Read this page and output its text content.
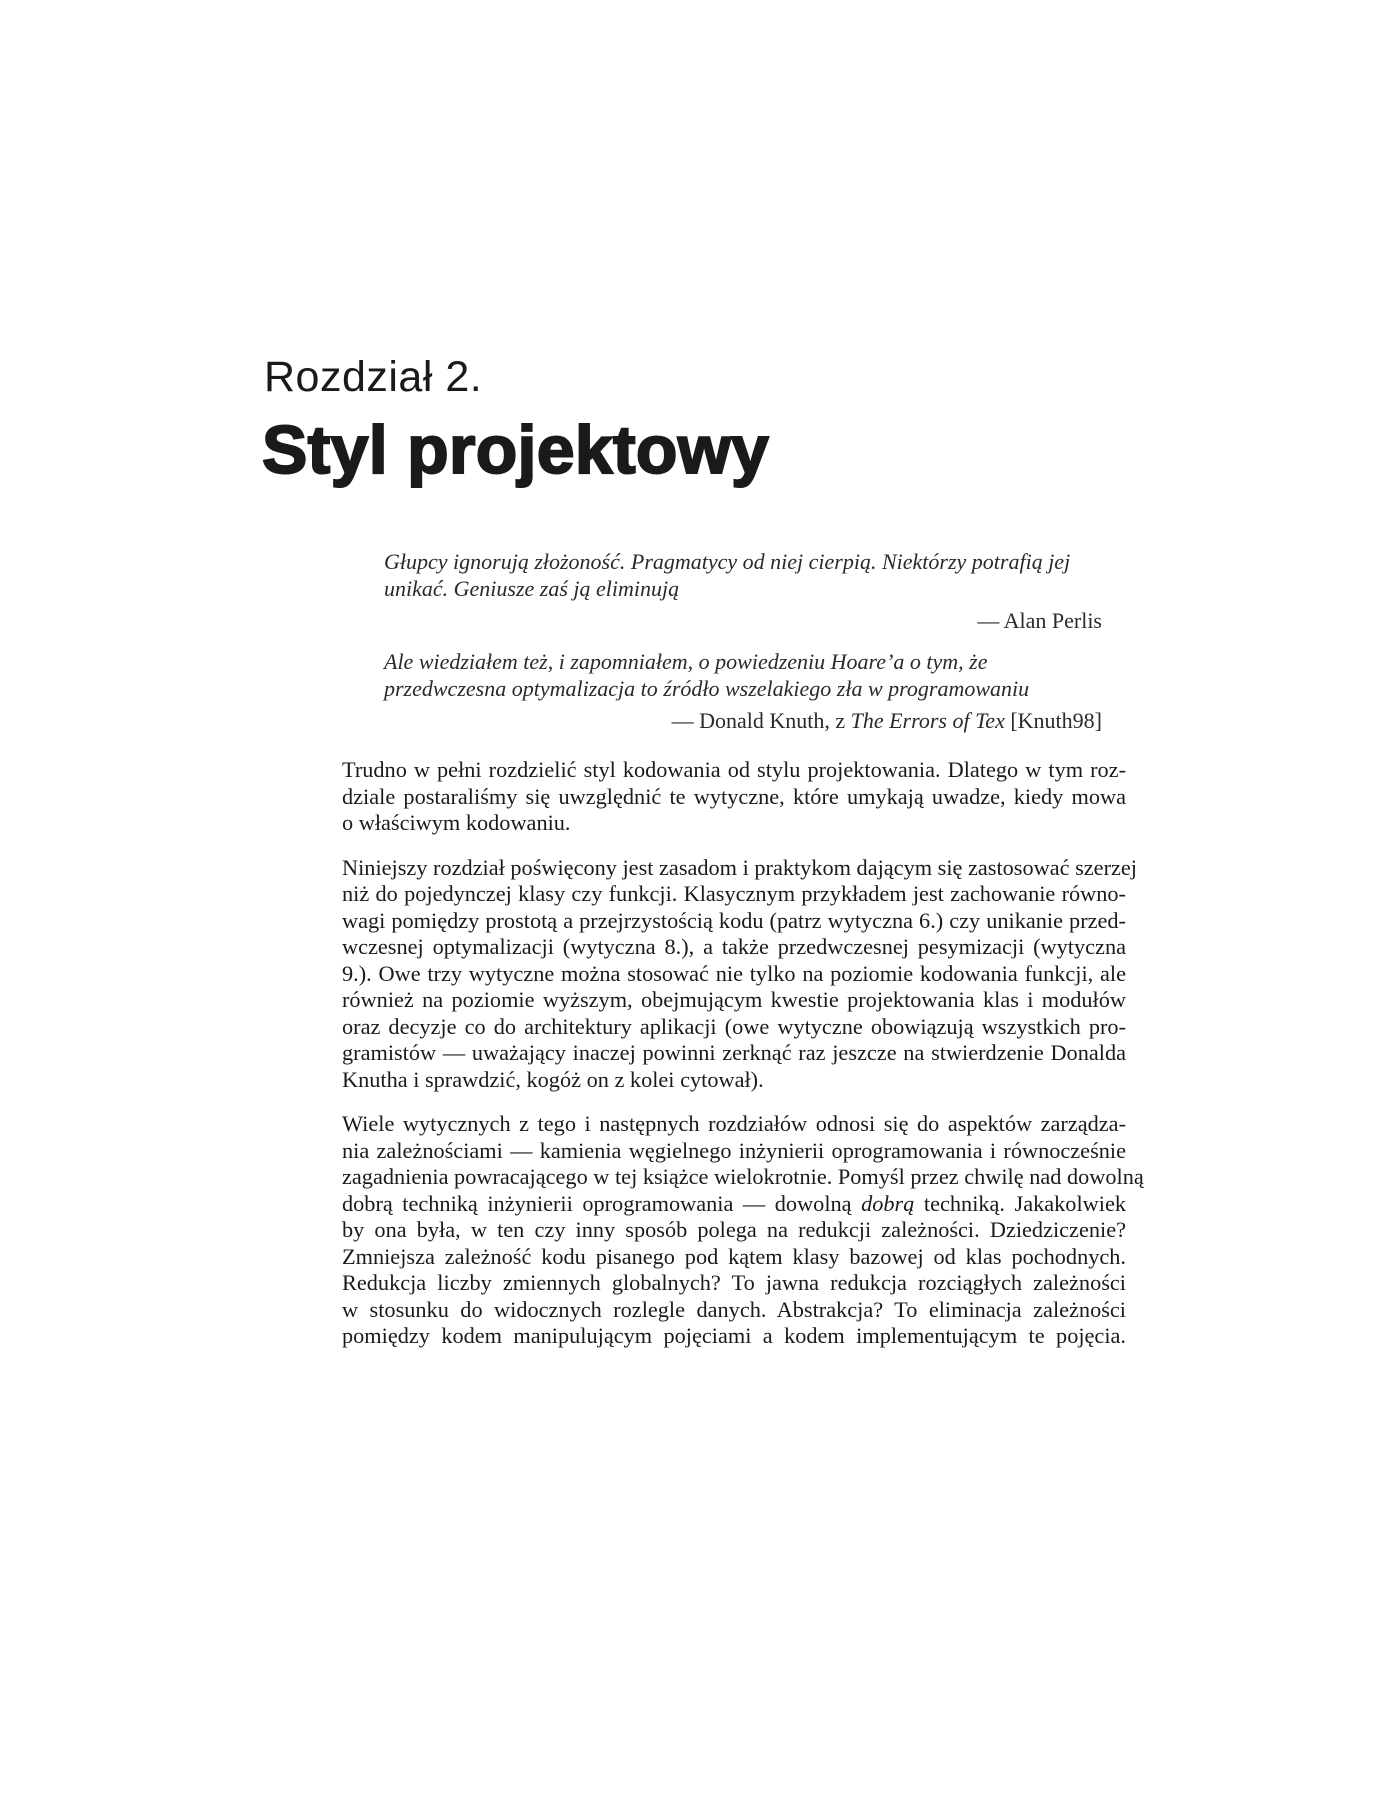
Rozdział 2.
Styl projektowy

Głupcy ignorują złożoność. Pragmatycy od niej cierpią. Niektórzy potrafią jej unikać. Geniusze zaś ją eliminują

— Alan Perlis

Ale wiedziałem też, i zapomniałem, o powiedzeniu Hoare’a o tym, że przedwczesna optymalizacja to źródło wszelakiego zła w programowaniu

— Donald Knuth, z The Errors of Tex [Knuth98]

Trudno w pełni rozdzielić styl kodowania od stylu projektowania. Dlatego w tym roz-
dziale postaraliśmy się uwzględnić te wytyczne, które umykają uwadze, kiedy mowa
o właściwym kodowaniu.

Niniejszy rozdział poświęcony jest zasadom i praktykom dającym się zastosować szerzej
niż do pojedynczej klasy czy funkcji. Klasycznym przykładem jest zachowanie równo-
wagi pomiędzy prostotą a przejrzystością kodu (patrz wytyczna 6.) czy unikanie przed-
wczesnej optymalizacji (wytyczna 8.), a także przedwczesnej pesymizacji (wytyczna
9.). Owe trzy wytyczne można stosować nie tylko na poziomie kodowania funkcji, ale
również na poziomie wyższym, obejmującym kwestie projektowania klas i modułów
oraz decyzje co do architektury aplikacji (owe wytyczne obowiązują wszystkich pro-
gramistów — uważający inaczej powinni zerknąć raz jeszcze na stwierdzenie Donalda
Knutha i sprawdzić, kogóż on z kolei cytował).

Wiele wytycznych z tego i następnych rozdziałów odnosi się do aspektów zarządza-
nia zależnościami — kamienia węgielnego inżynierii oprogramowania i równocześnie
zagadnienia powracającego w tej książce wielokrotnie. Pomyśl przez chwilę nad dowolną
dobrą techniką inżynierii oprogramowania — dowolną dobrą techniką. Jakakolwiek
by ona była, w ten czy inny sposób polega na redukcji zależności. Dziedziczenie?
Zmniejsza zależność kodu pisanego pod kątem klasy bazowej od klas pochodnych.
Redukcja liczby zmiennych globalnych? To jawna redukcja rozciągłych zależności
w stosunku do widocznych rozlegle danych. Abstrakcja? To eliminacja zależności
pomiędzy kodem manipulującym pojęciami a kodem implementującym te pojęcia.
